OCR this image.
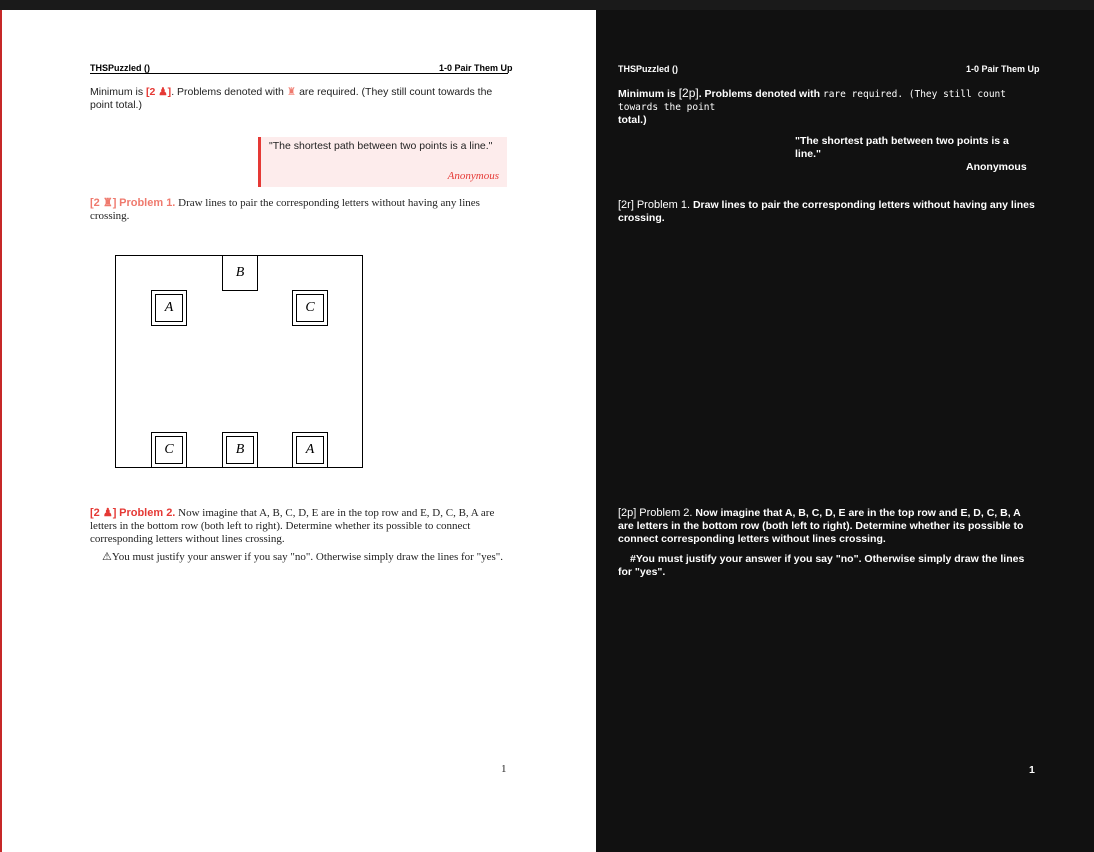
THSPuzzled ()	1-0 Pair Them Up
Minimum is [2 ♟]. Problems denoted with ♜ are required. (They still count towards the point total.)
"The shortest path between two points is a line."
Anonymous
[2 ♜] Problem 1. Draw lines to pair the corresponding letters without having any lines crossing.
A
B
C
C	B	A
[2 ♟] Problem 2. Now imagine that A, B, C, D, E are in the top row and E, D, C, B, A are letters in the bottom row (both left to right). Determine whether its possible to connect corresponding letters without lines crossing.
⚠You must justify your answer if you say "no". Otherwise simply draw the lines for "yes".
1
THSPuzzled ()	1-0 Pair Them Up
Minimum is [2p]. Problems denoted with rare required. (They still count towards the point
total.)
"The shortest path between two points is a line."
Anonymous
[2r] Problem 1. Draw lines to pair the corresponding letters without having any lines crossing.
[2p] Problem 2. Now imagine that A, B, C, D, E are in the top row and E, D, C, B, A are letters in the bottom row (both left to right). Determine whether its possible to connect corresponding letters without lines crossing.
#You must justify your answer if you say "no". Otherwise simply draw the lines for "yes".
1
